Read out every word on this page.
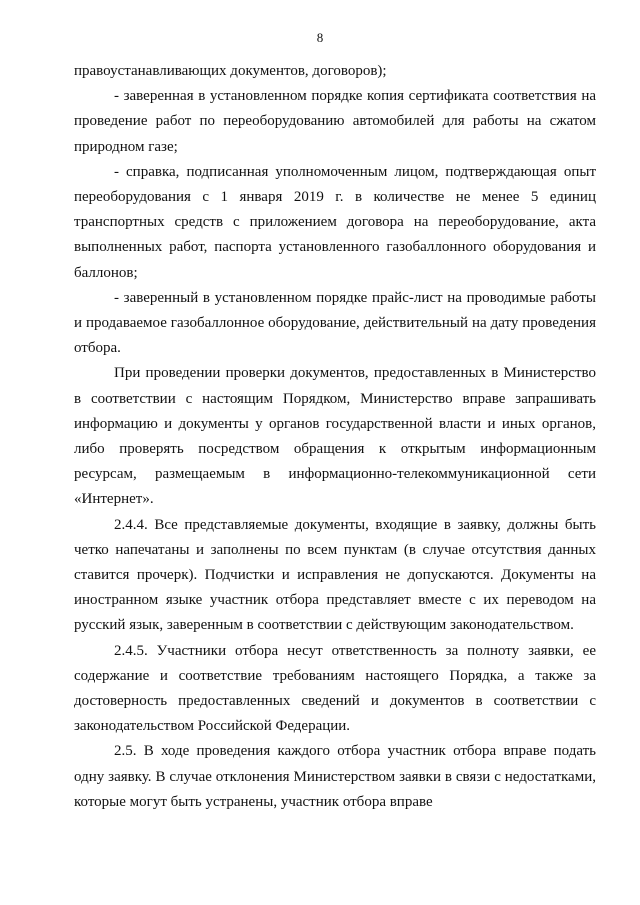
8

правоустанавливающих документов, договоров);

- заверенная в установленном порядке копия сертификата соответствия на проведение работ по переоборудованию автомобилей для работы на сжатом природном газе;

- справка, подписанная уполномоченным лицом, подтверждающая опыт переоборудования с 1 января 2019 г. в количестве не менее 5 единиц транспортных средств с приложением договора на переоборудование, акта выполненных работ, паспорта установленного газобаллонного оборудования и баллонов;

- заверенный в установленном порядке прайс-лист на проводимые работы и продаваемое газобаллонное оборудование, действительный на дату проведения отбора.

При проведении проверки документов, предоставленных в Министерство в соответствии с настоящим Порядком, Министерство вправе запрашивать информацию и документы у органов государственной власти и иных органов, либо проверять посредством обращения к открытым информационным ресурсам, размещаемым в информационно-телекоммуникационной сети «Интернет».

2.4.4. Все представляемые документы, входящие в заявку, должны быть четко напечатаны и заполнены по всем пунктам (в случае отсутствия данных ставится прочерк). Подчистки и исправления не допускаются. Документы на иностранном языке участник отбора представляет вместе с их переводом на русский язык, заверенным в соответствии с действующим законодательством.

2.4.5. Участники отбора несут ответственность за полноту заявки, ее содержание и соответствие требованиям настоящего Порядка, а также за достоверность предоставленных сведений и документов в соответствии с законодательством Российской Федерации.

2.5. В ходе проведения каждого отбора участник отбора вправе подать одну заявку. В случае отклонения Министерством заявки в связи с недостатками, которые могут быть устранены, участник отбора вправе
